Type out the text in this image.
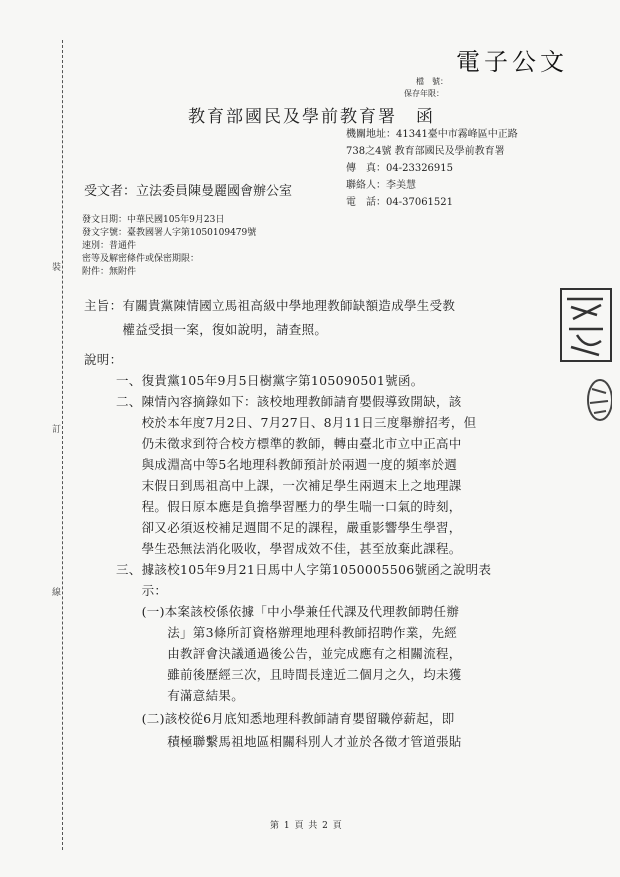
裝
訂
線
電子公文
檔　號：
保存年限：
教育部國民及學前教育署　函
機關地址：41341臺中市霧峰區中正路
738之4號 教育部國民及學前教育署
傳　真：04-23326915
聯絡人：李美慧
電　話：04-37061521
受文者：立法委員陳曼麗國會辦公室
發文日期：中華民國105年9月23日
發文字號：臺教國署人字第1050109479號
速別：普通件
密等及解密條件或保密期限：
附件：無附件
主旨：有關貴黨陳情國立馬祖高級中學地理教師缺額造成學生受教
　　　權益受損一案，復如說明，請查照。
說明：
一、復貴黨105年9月5日樹黨字第105090501號函。
二、陳情內容摘錄如下：該校地理教師請育嬰假導致開缺，該
　　校於本年度7月2日、7月27日、8月11日三度舉辦招考，但
　　仍未徵求到符合校方標準的教師，轉由臺北市立中正高中
　　與成淵高中等5名地理科教師預計於兩週一度的頻率於週
　　末假日到馬祖高中上課，一次補足學生兩週末上之地理課
　　程。假日原本應是負擔學習壓力的學生喘一口氣的時刻，
　　卻又必須返校補足週間不足的課程，嚴重影響學生學習，
　　學生恐無法消化吸收，學習成效不佳，甚至放棄此課程。
三、據該校105年9月21日馬中人字第1050005506號函之說明表
　　示：
　　(一)本案該校係依據「中小學兼任代課及代理教師聘任辦
　　　　法」第3條所訂資格辦理地理科教師招聘作業，先經
　　　　由教評會決議通過後公告，並完成應有之相關流程，
　　　　雖前後歷經三次，且時間長達近二個月之久，均未獲
　　　　有滿意結果。
　　(二)該校從6月底知悉地理科教師請育嬰留職停薪起，即
　　　　積極聯繫馬祖地區相關科別人才並於各徵才管道張貼
第 1 頁 共 2 頁
